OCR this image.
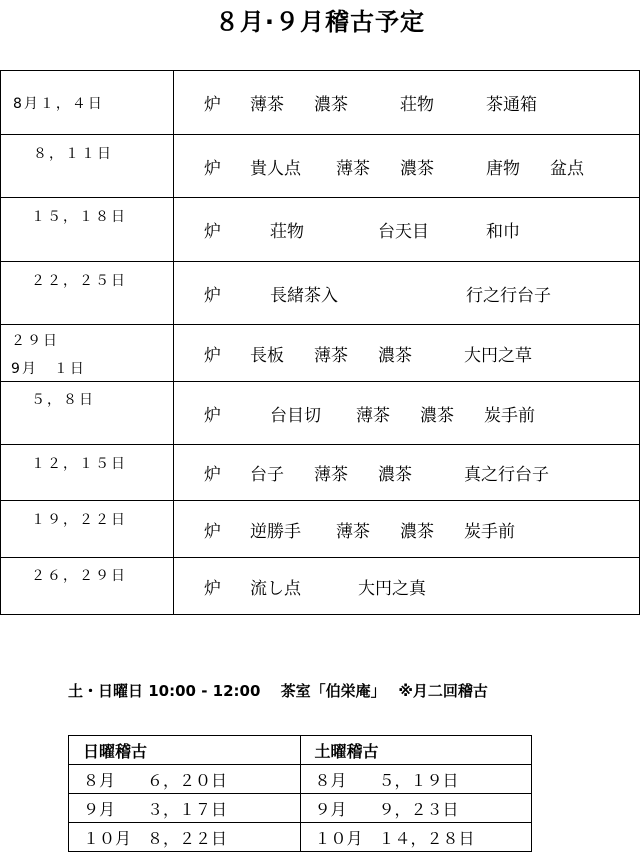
８月·９月稽古予定
8月１，４日	炉 薄茶 濃茶 荘物 茶通箱

８，１１日	炉 貴人点 薄茶 濃茶 唐物 盆点

１５，１８日	炉 荘物 台天目 和巾

２２，２５日	炉 長緒茶入 行之行台子

２９日
9月　１日	炉 長板 薄茶 濃茶 大円之草

５，８日	炉 台目切 薄茶 濃茶 炭手前

１２，１５日	炉 台子 薄茶 濃茶 真之行台子

１９，２２日	炉 逆勝手 薄茶 濃茶 炭手前

２６，２９日	炉 流し点 大円之真
土・日曜日 10:00 - 12:00　 茶室「伯栄庵」　 ※月二回稽古
日曜稽古	土曜稽古
８月　　６，２０日	８月　　５，１９日
９月　　３，１７日	９月　　９，２３日
１０月　８，２２日	１０月　１４，２８日
